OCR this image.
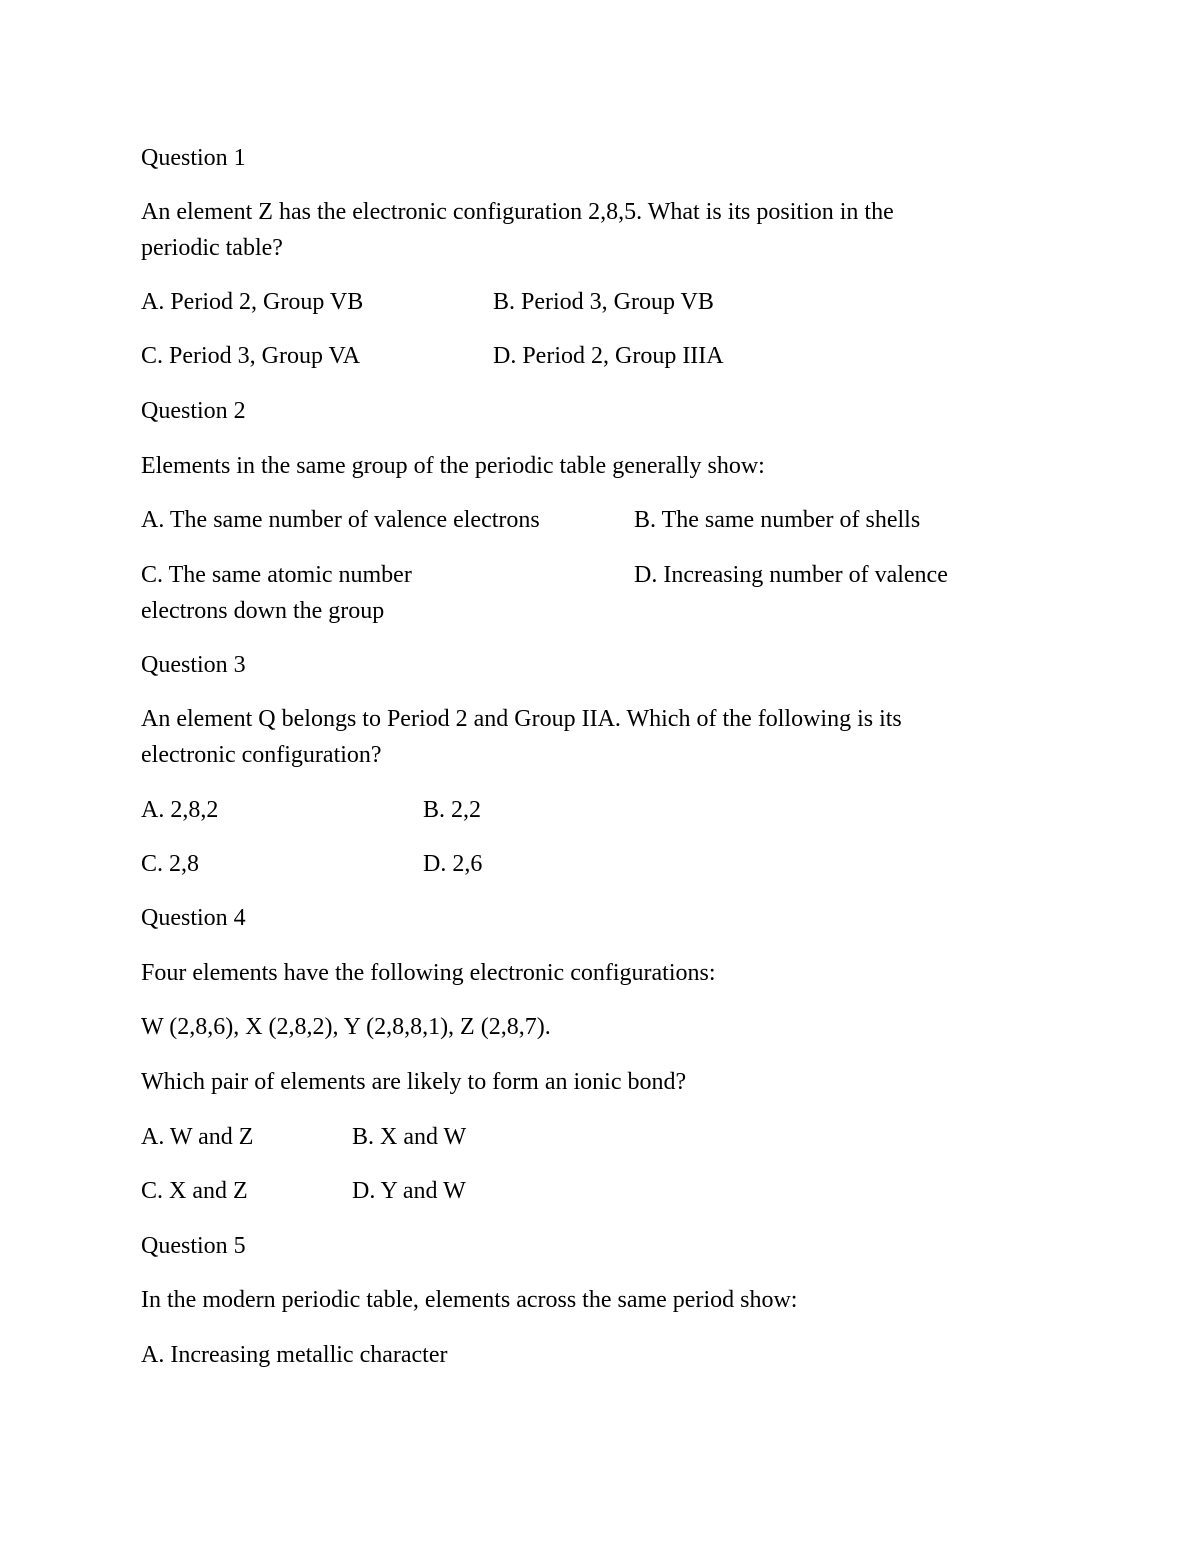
Question 1
An element Z has the electronic configuration 2,8,5. What is its position in the
periodic table?
A. Period 2, Group VB	B. Period 3, Group VB
C. Period 3, Group VA	D. Period 2, Group IIIA
Question 2
Elements in the same group of the periodic table generally show:
A. The same number of valence electrons	B. The same number of shells
C. The same atomic number	D. Increasing number of valence
electrons down the group
Question 3
An element Q belongs to Period 2 and Group IIA. Which of the following is its
electronic configuration?
A. 2,8,2	B. 2,2
C. 2,8	D. 2,6
Question 4
Four elements have the following electronic configurations:
W (2,8,6), X (2,8,2), Y (2,8,8,1), Z (2,8,7).
Which pair of elements are likely to form an ionic bond?
A. W and Z	B. X and W
C. X and Z	D. Y and W
Question 5
In the modern periodic table, elements across the same period show:
A. Increasing metallic character
